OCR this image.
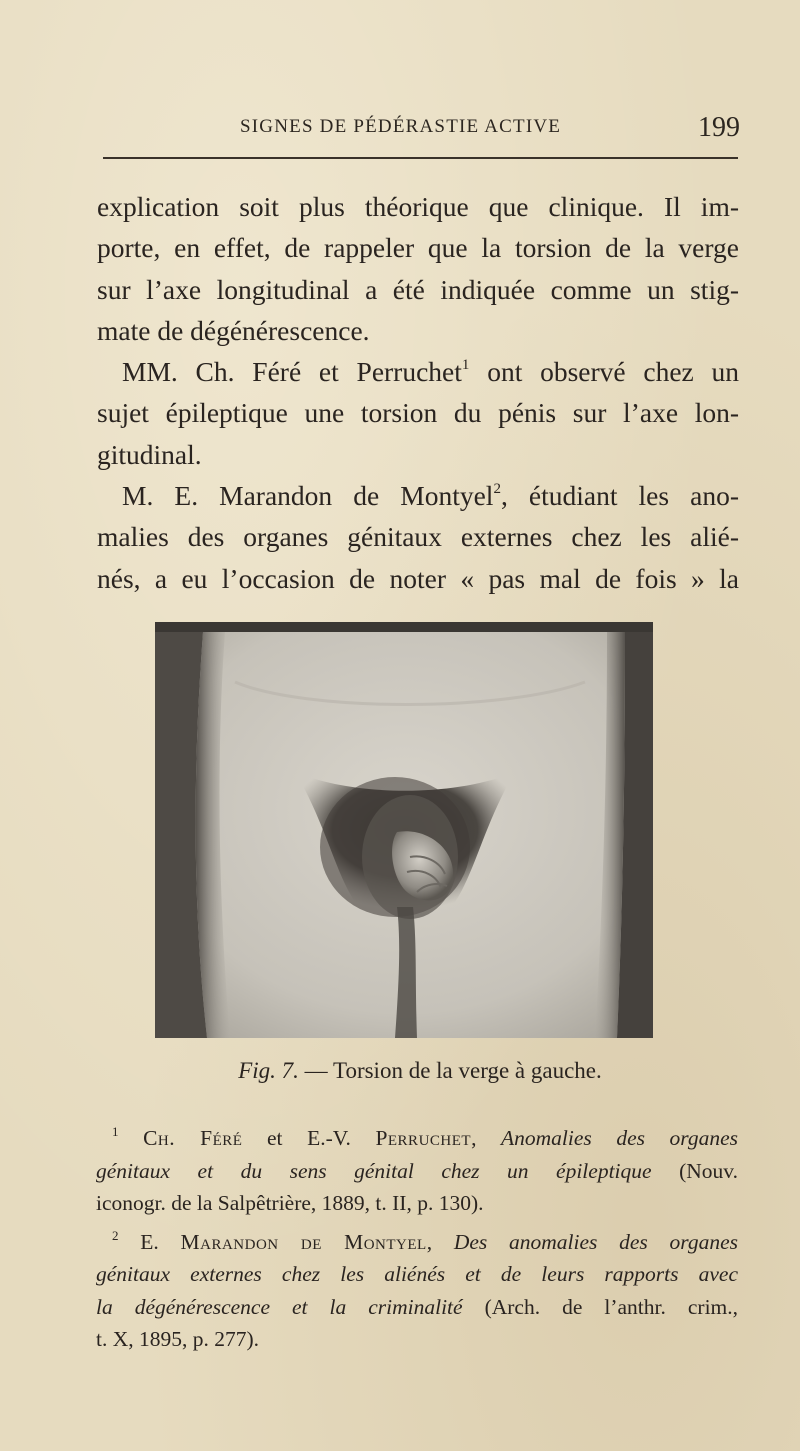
SIGNES DE PÉDÉRASTIE ACTIVE	199
explication soit plus théorique que clinique. Il im-
porte, en effet, de rappeler que la torsion de la verge
sur l’axe longitudinal a été indiquée comme un stig-
mate de dégénérescence.
MM. Ch. Féré et Perruchet$^1$ ont observé chez un
sujet épileptique une torsion du pénis sur l’axe lon-
gitudinal.
M. E. Marandon de Montyel$^2$, étudiant les ano-
malies des organes génitaux externes chez les alié-
nés, a eu l’occasion de noter « pas mal de fois » la
Fig. 7. — Torsion de la verge à gauche.
$^1$ Ch. Féré et E.-V. Perruchet, Anomalies des organes
génitaux et du sens génital chez un épileptique (Nouv.
iconogr. de la Salpêtrière, 1889, t. II, p. 130).
$^2$ E. Marandon de Montyel, Des anomalies des organes
génitaux externes chez les aliénés et de leurs rapports avec
la dégénérescence et la criminalité (Arch. de l’anthr. crim.,
t. X, 1895, p. 277).
